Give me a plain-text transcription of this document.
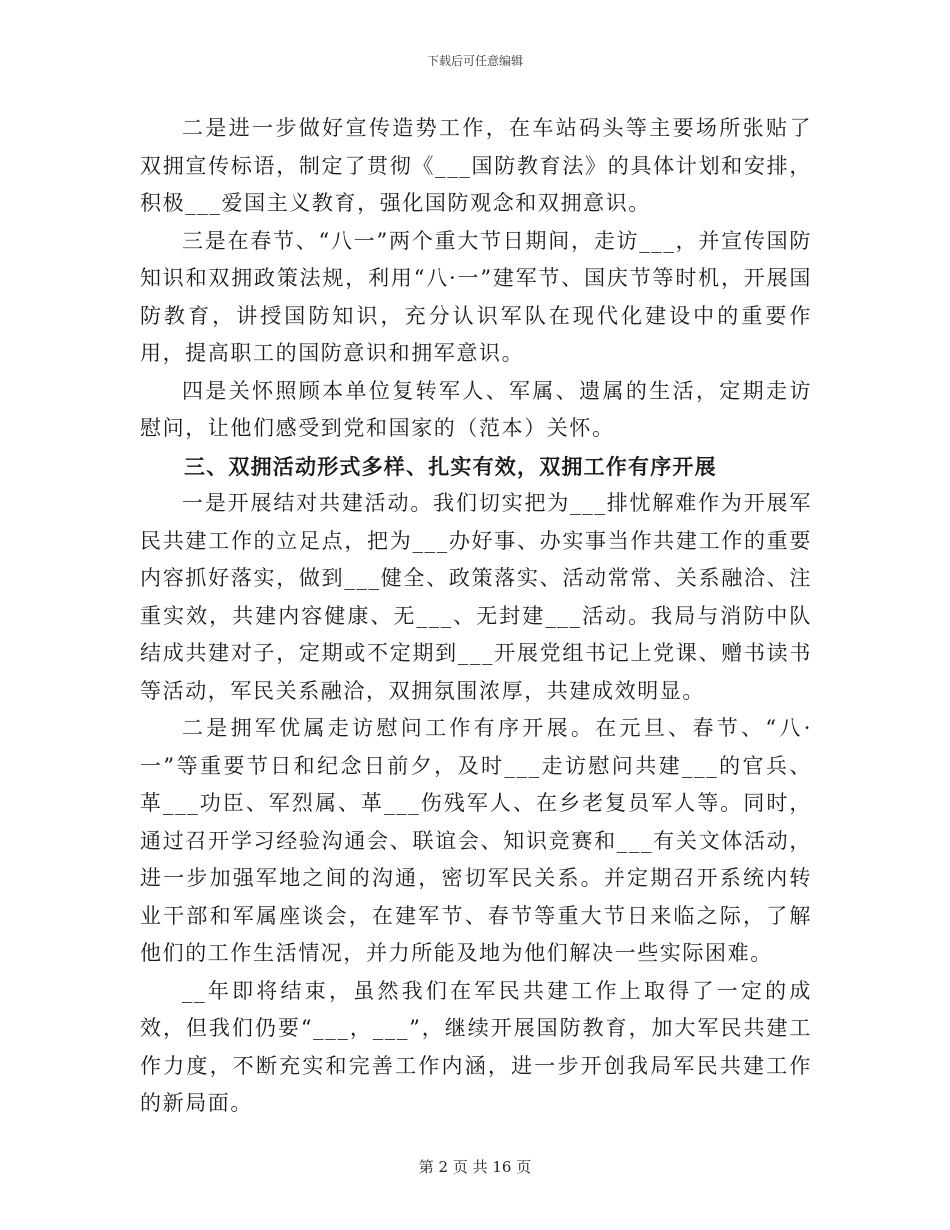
下载后可任意编辑

二是进一步做好宣传造势工作，在车站码头等主要场所张贴了双拥宣传标语，制定了贯彻《___国防教育法》的具体计划和安排，积极___爱国主义教育，强化国防观念和双拥意识。

三是在春节、“八一”两个重大节日期间，走访___，并宣传国防知识和双拥政策法规，利用“八·一”建军节、国庆节等时机，开展国防教育，讲授国防知识，充分认识军队在现代化建设中的重要作用，提高职工的国防意识和拥军意识。

四是关怀照顾本单位复转军人、军属、遗属的生活，定期走访慰问，让他们感受到党和国家的（范本）关怀。

三、双拥活动形式多样、扎实有效，双拥工作有序开展

一是开展结对共建活动。我们切实把为___排忧解难作为开展军民共建工作的立足点，把为___办好事、办实事当作共建工作的重要内容抓好落实，做到___健全、政策落实、活动常常、关系融洽、注重实效，共建内容健康、无___、无封建___活动。我局与消防中队结成共建对子，定期或不定期到___开展党组书记上党课、赠书读书等活动，军民关系融洽，双拥氛围浓厚，共建成效明显。

二是拥军优属走访慰问工作有序开展。在元旦、春节、“八·一”等重要节日和纪念日前夕，及时___走访慰问共建___的官兵、革___功臣、军烈属、革___伤残军人、在乡老复员军人等。同时，通过召开学习经验沟通会、联谊会、知识竞赛和___有关文体活动，进一步加强军地之间的沟通，密切军民关系。并定期召开系统内转业干部和军属座谈会，在建军节、春节等重大节日来临之际，了解他们的工作生活情况，并力所能及地为他们解决一些实际困难。

__年即将结束，虽然我们在军民共建工作上取得了一定的成效，但我们仍要“___，___”，继续开展国防教育，加大军民共建工作力度，不断充实和完善工作内涵，进一步开创我局军民共建工作的新局面。

第 2 页 共 16 页
